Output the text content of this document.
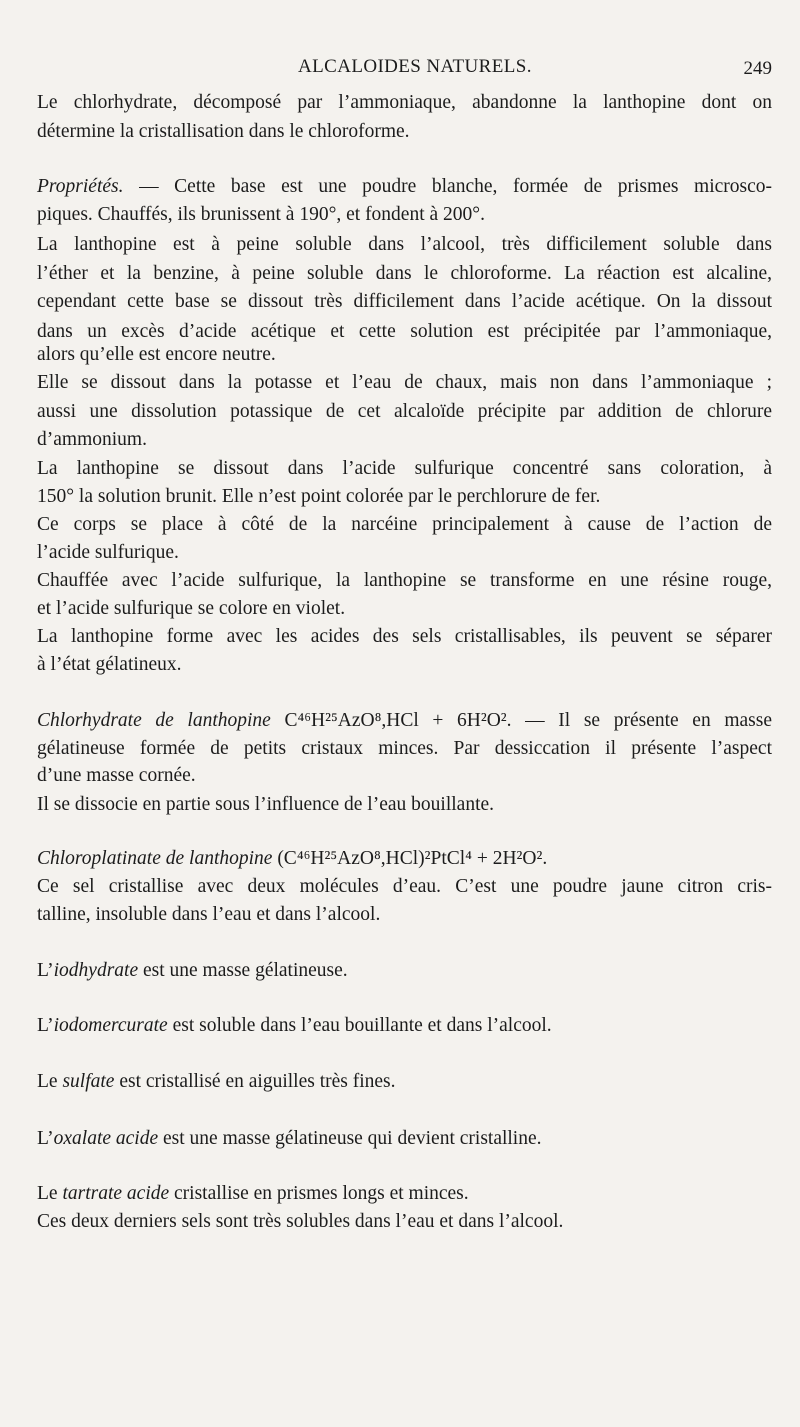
ALCALOIDES NATURELS.	249
Le chlorhydrate, décomposé par l’ammoniaque, abandonne la lanthopine dont on
détermine la cristallisation dans le chloroforme.
Propriétés. — Cette base est une poudre blanche, formée de prismes microsco-
piques. Chauffés, ils brunissent à 190°, et fondent à 200°.
La lanthopine est à peine soluble dans l’alcool, très difficilement soluble dans
l’éther et la benzine, à peine soluble dans le chloroforme. La réaction est alcaline,
cependant cette base se dissout très difficilement dans l’acide acétique. On la dissout
dans un excès d’acide acétique et cette solution est précipitée par l’ammoniaque,
alors qu’elle est encore neutre.
Elle se dissout dans la potasse et l’eau de chaux, mais non dans l’ammoniaque ;
aussi une dissolution potassique de cet alcaloïde précipite par addition de chlorure
d’ammonium.
La lanthopine se dissout dans l’acide sulfurique concentré sans coloration, à
150° la solution brunit. Elle n’est point colorée par le perchlorure de fer.
Ce corps se place à côté de la narcéine principalement à cause de l’action de
l’acide sulfurique.
Chauffée avec l’acide sulfurique, la lanthopine se transforme en une résine rouge,
et l’acide sulfurique se colore en violet.
La lanthopine forme avec les acides des sels cristallisables, ils peuvent se séparer
à l’état gélatineux.
Chlorhydrate de lanthopine C⁴⁶H²⁵AzO⁸,HCl + 6H²O². — Il se présente en masse
gélatineuse formée de petits cristaux minces. Par dessiccation il présente l’aspect
d’une masse cornée.
Il se dissocie en partie sous l’influence de l’eau bouillante.
Chloroplatinate de lanthopine (C⁴⁶H²⁵AzO⁸,HCl)²PtCl⁴ + 2H²O².
Ce sel cristallise avec deux molécules d’eau. C’est une poudre jaune citron cris-
talline, insoluble dans l’eau et dans l’alcool.
L’iodhydrate est une masse gélatineuse.
L’iodomercurate est soluble dans l’eau bouillante et dans l’alcool.
Le sulfate est cristallisé en aiguilles très fines.
L’oxalate acide est une masse gélatineuse qui devient cristalline.
Le tartrate acide cristallise en prismes longs et minces.
Ces deux derniers sels sont très solubles dans l’eau et dans l’alcool.
